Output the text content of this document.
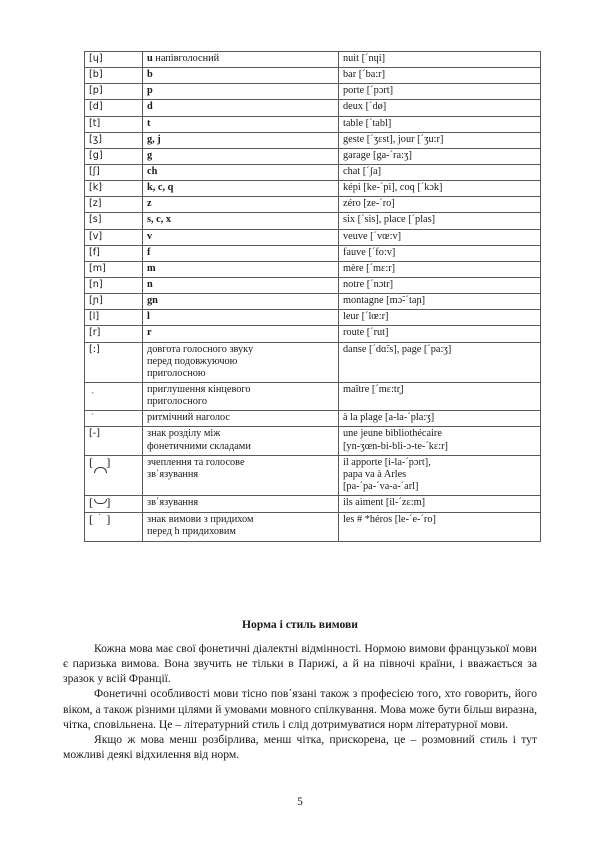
[ɥ]	u напівголосний	nuit [ˊnɥi]

[b]	b	bar [ˊba:r]

[p]	p	porte [ˊpɔrt]

[d]	d	deux [ˊdø]

[t]	t	table [ˊtabl]

[ʒ]	g, j	geste [ˊʒɛst], jour [ˊʒu:r]

[g]	g	garage [ga-ˊra:ʒ]

[ʃ]	ch	chat [ˊʃa]

[k]	k, c, q	képi [ke-ˊpi], coq [ˊkɔk]

[z]	z	zéro [ze-ˊro]

[s]	s, c, x	six [ˊsis], place [ˊplas]

[v]	v	veuve [ˊvœ:v]

[f]	f	fauve [ˊfo:v]

[m]	m	mère [ˊmɛ:r]

[n]	n	notre [ˊnɔtr]

[ɲ]	gn	montagne [mɔ̃-ˊtaɲ]

[l]	l	leur [ˊlœ:r]

[r]	r	route [ˊrut]

[:]	довгота голосного звуку
перед подовжуючою
приголосною	danse [ˊdɑ̃:s], page [ˊpa:ʒ]

˰	приглушення кінцевого
приголосного	maître [ˊmɛ:tr̥]

ˊ	ритмічний наголос	à la plage [a-la-ˊpla:ʒ]

[-]	знак розділу між
фонетичними складами	une jeune bibliothécaire
[yn-ʒœn-bi-bli-ɔ-te-ˊkɛ:r]

[ ]	зчеплення та голосове
зв᾽язування	il apporte [i-la-ˊpɔrt],
papa va à Arles
[pa-ˊpa-ˊva-a-ˊarl]

[ ]	зв᾽язування	ils aiment [il-ˊzɛ:m]

[ ˙ ]	знак вимови з придихом
перед h придиховим	les # *héros [le-ˊe-ˊro]
Норма і стиль вимови

Кожна мова має свої фонетичні діалектні відмінності. Нормою вимови французької мови є паризька вимова. Вона звучить не тільки в Парижі, а й на півночі країни, і вважається за зразок у всій Франції.

Фонетичні особливості мови тісно пов᾽язані також з професією того, хто говорить, його віком, а також різними цілями й умовами мовного спілкування. Мова може бути більш виразна, чітка, сповільнена. Це – літературний стиль і слід дотримуватися норм літературної мови.

Якщо ж мова менш розбірлива, менш чітка, прискорена, це – розмовний стиль і тут можливі деякі відхилення від норм.

5
